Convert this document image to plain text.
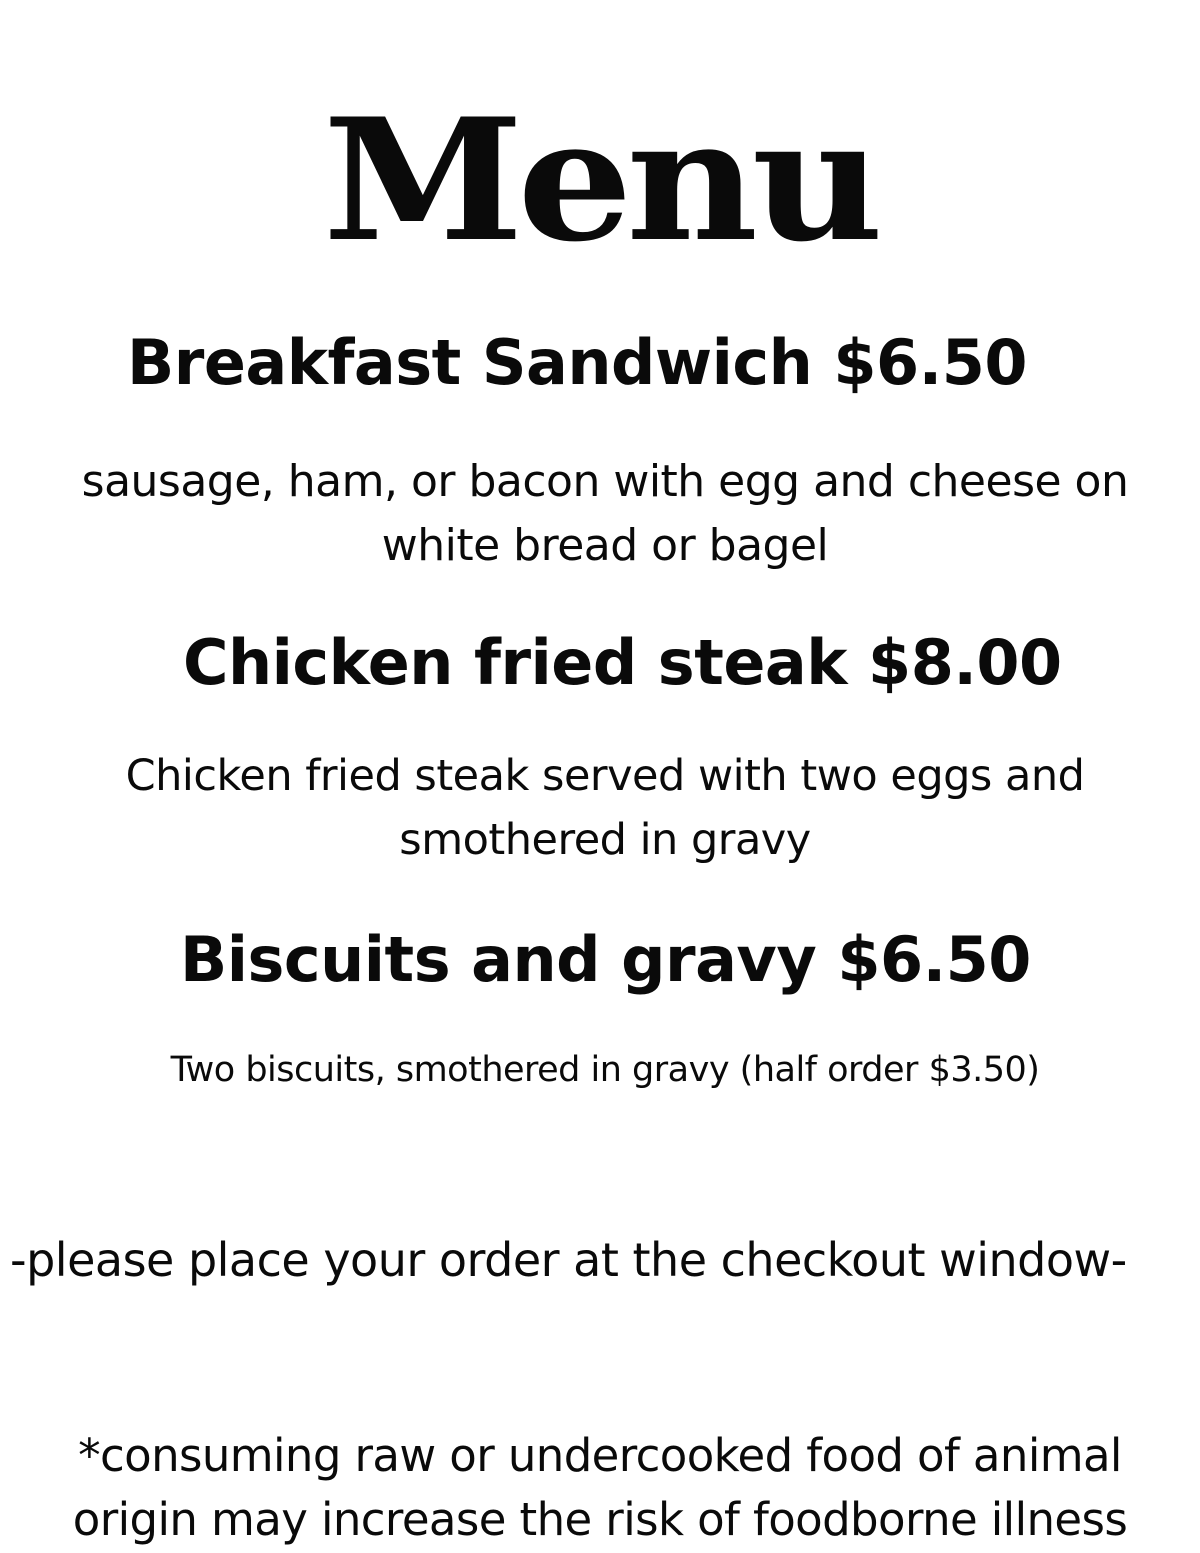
Menu
Breakfast Sandwich $6.50
sausage, ham, or bacon with egg and cheese on
white bread or bagel
Chicken fried steak $8.00
Chicken fried steak served with two eggs and
smothered in gravy
Biscuits and gravy $6.50
Two biscuits, smothered in gravy (half order $3.50)
-please place your order at the checkout window-
*consuming raw or undercooked food of animal
origin may increase the risk of foodborne illness
